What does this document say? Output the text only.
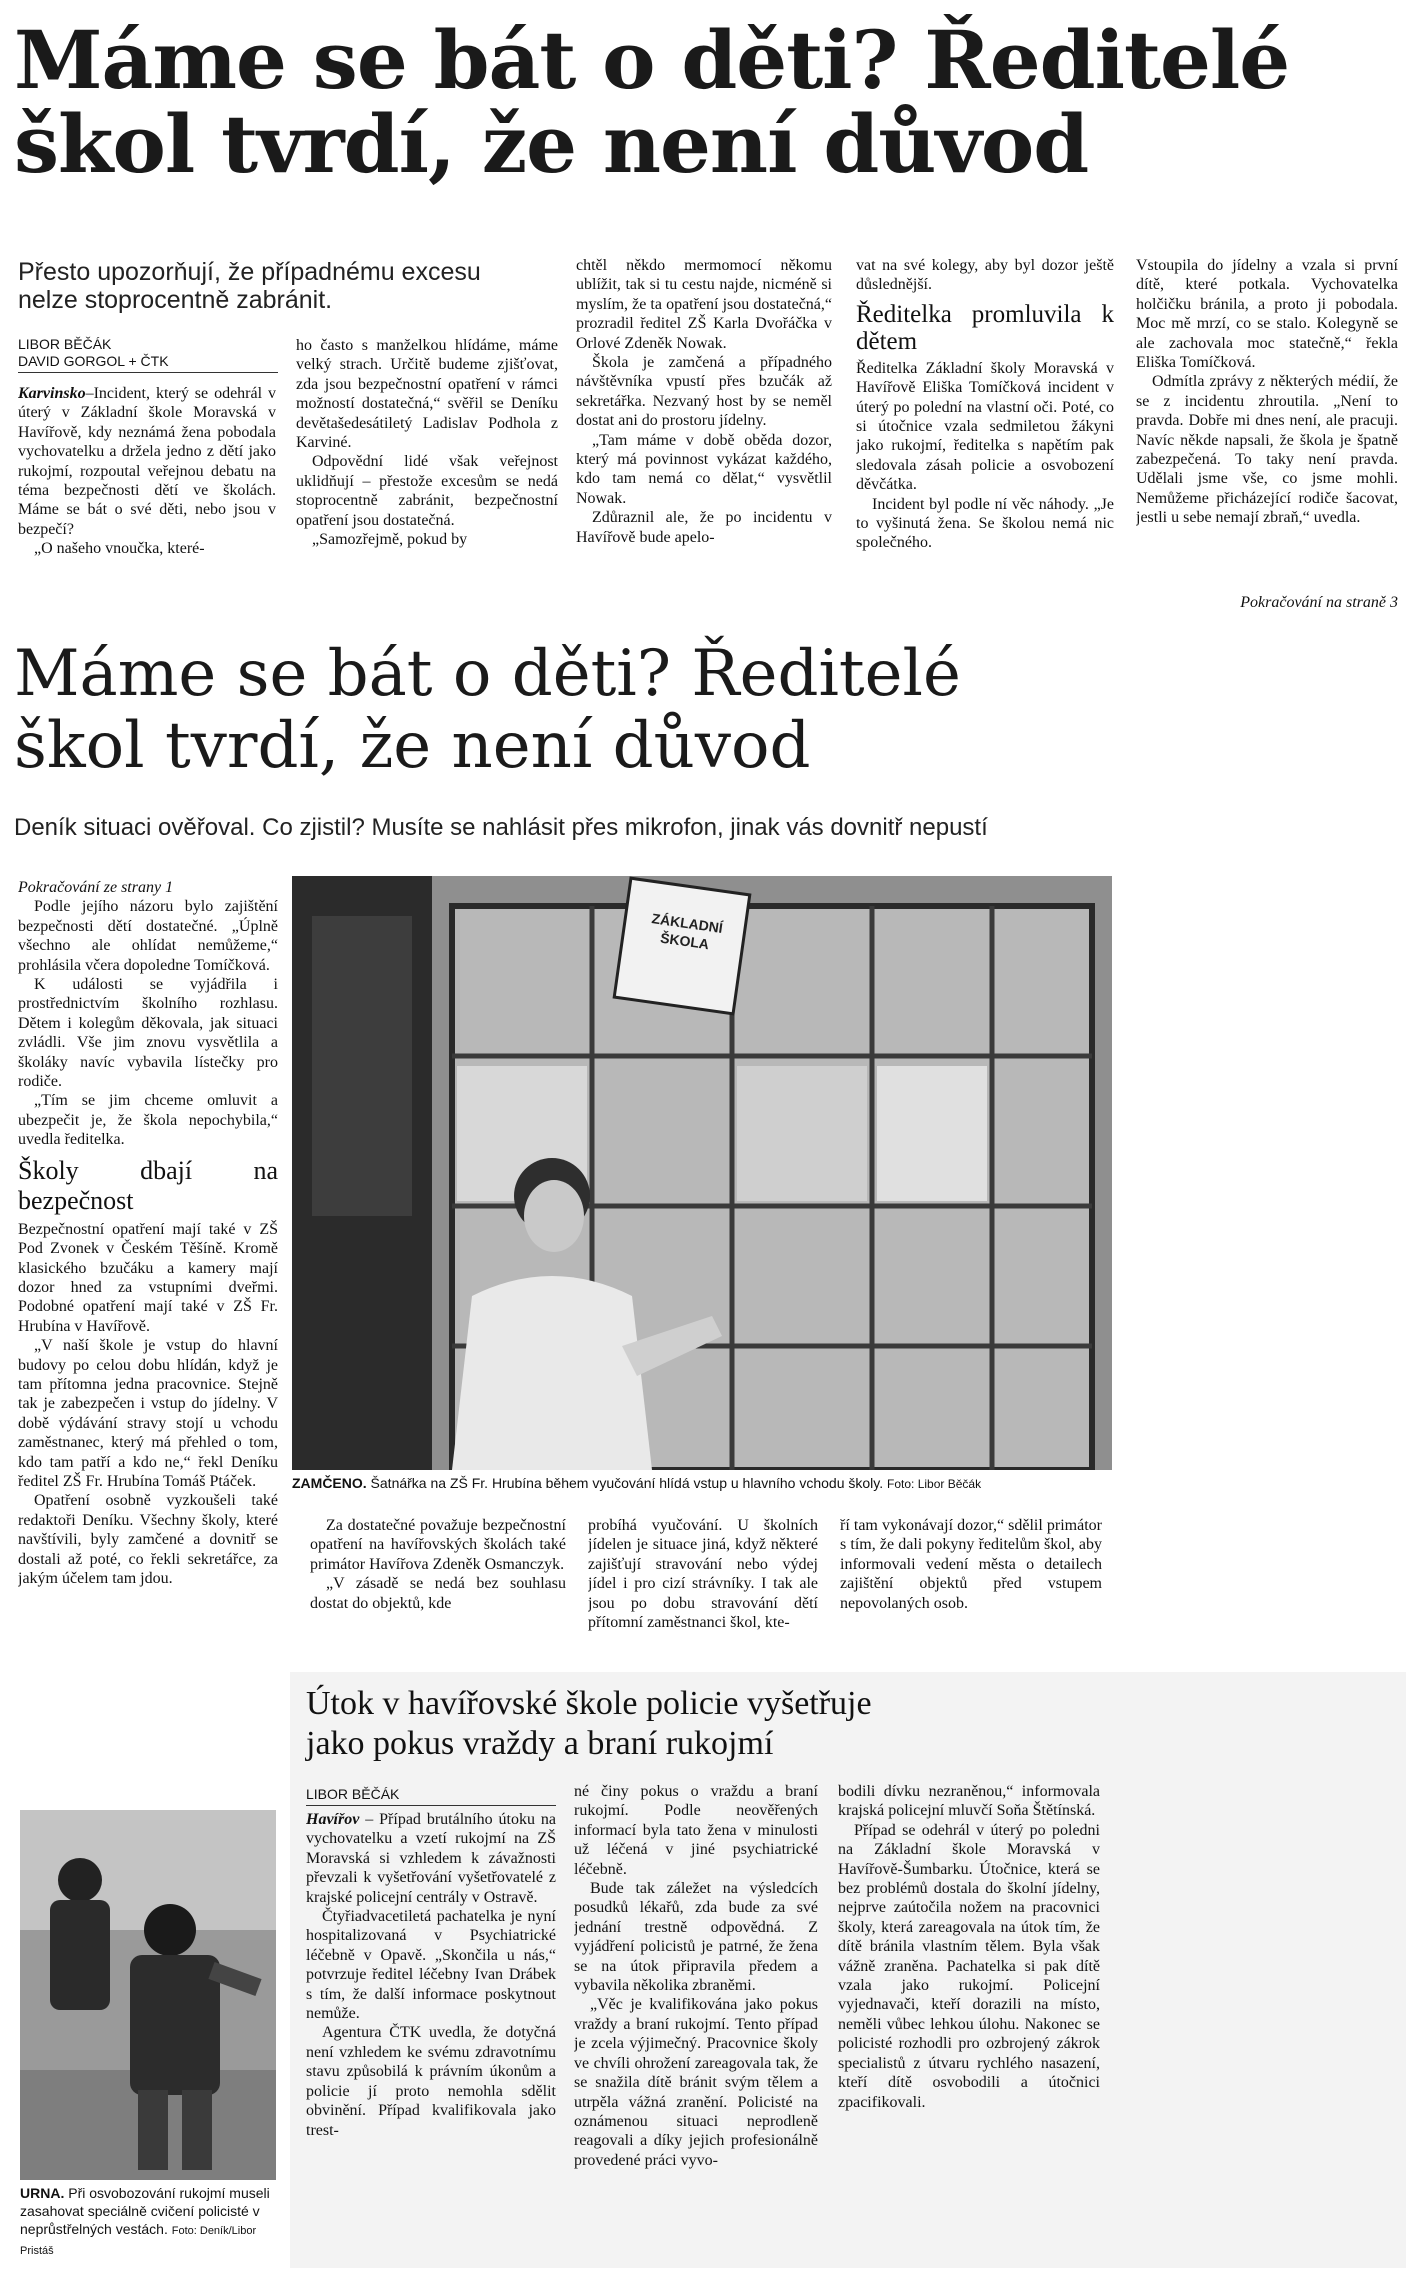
Máme se bát o děti? Ředitelé
škol tvrdí, že není důvod
Přesto upozorňují, že případnému excesu
nelze stoprocentně zabránit.
LIBOR BĚČÁK
DAVID GORGOL + ČTK

Karvinsko–Incident, který se odehrál v úterý v Základní škole Moravská v Havířově, kdy neznámá žena pobodala vychovatelku a držela jedno z dětí jako rukojmí, rozpoutal veřejnou debatu na téma bezpečnosti dětí ve školách. Máme se bát o své děti, nebo jsou v bezpečí?

„O našeho vnoučka, které-

ho často s manželkou hlídáme, máme velký strach. Určitě budeme zjišťovat, zda jsou bezpečnostní opatření v rámci možností dostatečná,“ svěřil se Deníku devětašedesátiletý Ladislav Podhola z Karviné.

Odpovědní lidé však veřejnost uklidňují – přestože excesům se nedá stoprocentně zabránit, bezpečnostní opatření jsou dostatečná.

„Samozřejmě, pokud by

chtěl někdo mermomocí někomu ublížit, tak si tu cestu najde, nicméně si myslím, že ta opatření jsou dostatečná,“ prozradil ředitel ZŠ Karla Dvořáčka v Orlové Zdeněk Nowak.

Škola je zamčená a případného návštěvníka vpustí přes bzučák až sekretářka. Nezvaný host by se neměl dostat ani do prostoru jídelny.

„Tam máme v době oběda dozor, který má povinnost vykázat každého, kdo tam nemá co dělat,“ vysvětlil Nowak.

Zdůraznil ale, že po incidentu v Havířově bude apelo-

vat na své kolegy, aby byl dozor ještě důslednější.

Ředitelka promluvila k dětem

Ředitelka Základní školy Moravská v Havířově Eliška Tomíčková incident v úterý po polední na vlastní oči. Poté, co si útočnice vzala sedmiletou žákyni jako rukojmí, ředitelka s napětím pak sledovala zásah policie a osvobození děvčátka.

Incident byl podle ní věc náhody. „Je to vyšinutá žena. Se školou nemá nic společného.

Vstoupila do jídelny a vzala si první dítě, které potkala. Vychovatelka holčičku bránila, a proto ji pobodala. Moc mě mrzí, co se stalo. Kolegyně se ale zachovala moc statečně,“ řekla Eliška Tomíčková.

Odmítla zprávy z některých médií, že se z incidentu zhroutila. „Není to pravda. Dobře mi dnes není, ale pracuji. Navíc někde napsali, že škola je špatně zabezpečená. To taky není pravda. Udělali jsme vše, co jsme mohli. Nemůžeme přicházející rodiče šacovat, jestli u sebe nemají zbraň,“ uvedla.

Pokračování na straně 3
Máme se bát o děti? Ředitelé
škol tvrdí, že není důvod
Deník situaci ověřoval. Co zjistil? Musíte se nahlásit přes mikrofon, jinak vás dovnitř nepustí
Pokračování ze strany 1

Podle jejího názoru bylo zajištění bezpečnosti dětí dostatečné. „Úplně všechno ale ohlídat nemůžeme,“ prohlásila včera dopoledne Tomíčková.

K události se vyjádřila i prostřednictvím školního rozhlasu. Dětem i kolegům děkovala, jak situaci zvládli. Vše jim znovu vysvětlila a školáky navíc vybavila lístečky pro rodiče.

„Tím se jim chceme omluvit a ubezpečit je, že škola nepochybila,“ uvedla ředitelka.

Školy dbají na bezpečnost

Bezpečnostní opatření mají také v ZŠ Pod Zvonek v Českém Těšíně. Kromě klasického bzučáku a kamery mají dozor hned za vstupními dveřmi. Podobné opatření mají také v ZŠ Fr. Hrubína v Havířově.

„V naší škole je vstup do hlavní budovy po celou dobu hlídán, když je tam přítomna jedna pracovnice. Stejně tak je zabezpečen i vstup do jídelny. V době výdávání stravy stojí u vchodu zaměstnanec, který má přehled o tom, kdo tam patří a kdo ne,“ řekl Deníku ředitel ZŠ Fr. Hrubína Tomáš Ptáček.

Opatření osobně vyzkoušeli také redaktoři Deníku. Všechny školy, které navštívili, byly zamčené a dovnitř se dostali až poté, co řekli sekretářce, za jakým účelem tam jdou.

ZÁKLADNÍ
ŠKOLA
ZAMČENO. Šatnářka na ZŠ Fr. Hrubína během vyučování hlídá vstup u hlavního vchodu školy. Foto: Libor Běčák

Za dostatečné považuje bezpečnostní opatření na havířovských školách také primátor Havířova Zdeněk Osmanczyk.

„V zásadě se nedá bez souhlasu dostat do objektů, kde

probíhá vyučování. U školních jídelen je situace jiná, když některé zajišťují stravování nebo výdej jídel i pro cizí strávníky. I tak ale jsou po dobu stravování dětí přítomní zaměstnanci škol, kte-

ří tam vykonávají dozor,“ sdělil primátor s tím, že dali pokyny ředitelům škol, aby informovali vedení města o detailech zajištění objektů před vstupem nepovolaných osob.

Útok v havířovské škole policie vyšetřuje
jako pokus vraždy a braní rukojmí
LIBOR BĚČÁK

Havířov – Případ brutálního útoku na vychovatelku a vzetí rukojmí na ZŠ Moravská si vzhledem k závažnosti převzali k vyšetřování vyšetřovatelé z krajské policejní centrály v Ostravě.

Čtyřiadvacetiletá pachatelka je nyní hospitalizovaná v Psychiatrické léčebně v Opavě. „Skončila u nás,“ potvrzuje ředitel léčebny Ivan Drábek s tím, že další informace poskytnout nemůže.

Agentura ČTK uvedla, že dotyčná není vzhledem ke svému zdravotnímu stavu způsobilá k právním úkonům a policie jí proto nemohla sdělit obvinění. Případ kvalifikovala jako trest-

né činy pokus o vraždu a braní rukojmí. Podle neověřených informací byla tato žena v minulosti už léčená v jiné psychiatrické léčebně.

Bude tak záležet na výsledcích posudků lékařů, zda bude za své jednání trestně odpovědná. Z vyjádření policistů je patrné, že žena se na útok připravila předem a vybavila několika zbraněmi.

„Věc je kvalifikována jako pokus vraždy a braní rukojmí. Tento případ je zcela výjimečný. Pracovnice školy ve chvíli ohrožení zareagovala tak, že se snažila dítě bránit svým tělem a utrpěla vážná zranění. Policisté na oznámenou situaci neprodleně reagovali a díky jejich profesionálně provedené práci vyvo-

bodili dívku nezraněnou,“ informovala krajská policejní mluvčí Soňa Štětínská.

Případ se odehrál v úterý po poledni na Základní škole Moravská v Havířově-Šumbarku. Útočnice, která se bez problémů dostala do školní jídelny, nejprve zaútočila nožem na pracovnici školy, která zareagovala na útok tím, že dítě bránila vlastním tělem. Byla však vážně zraněna. Pachatelka si pak dítě vzala jako rukojmí. Policejní vyjednavači, kteří dorazili na místo, neměli vůbec lehkou úlohu. Nakonec se policisté rozhodli pro ozbrojený zákrok specialistů z útvaru rychlého nasazení, kteří dítě osvobodili a útočnici zpacifikovali.

URNA. Při osvobozování rukojmí museli zasahovat speciálně cvičení policisté v neprůstřelných vestách. Foto: Deník/Libor Pristáš
